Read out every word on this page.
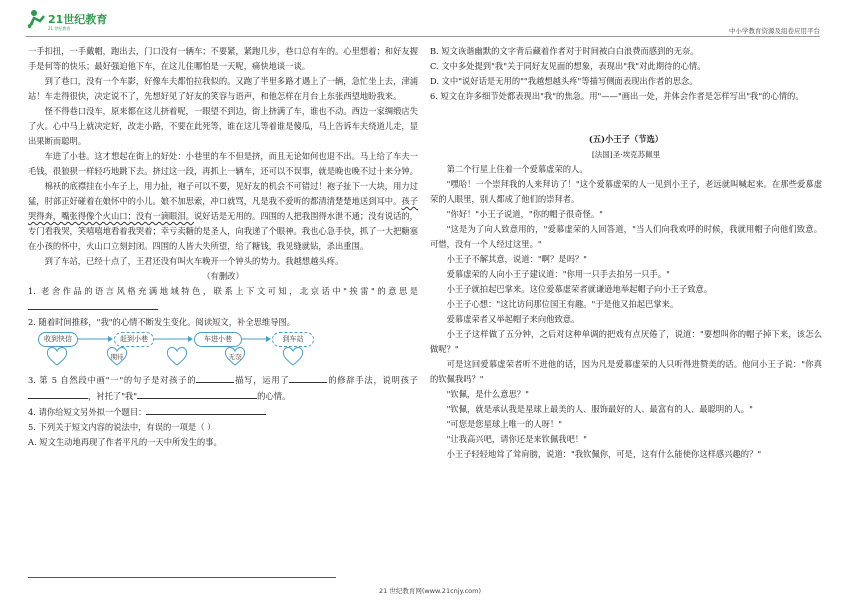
21世纪教育
21 世纪教育	中小学教育资源及组卷应用平台

一手扣扭，一手戴帽，跑出去，门口没有一辆车；不要紧，紧跑几步，巷口总有车的。心里想着；和好友握手是何等的快乐；最好强迫他下车，在这儿住哪怕是一天呢，痛快地谈一谈。

到了巷口，没有一个车影，好像车夫都怕拉我似的。又跑了半里多路才遇上了一辆，急忙坐上去，津浦站！车走得很快，决定说不了，先想好见了好友的笑容与语声，和他怎样在月台上东张西望地盼我来。

怪不得巷口没车，原来都在这儿挤着呢，一眼望不到边，街上挤满了车，谁也不动。西边一家绸缎店失了火。心中马上就决定好，改走小路，不要在此死等，谁在这儿等着谁是傻瓜，马上告诉车夫绕道儿走，显出果断而聪明。

车进了小巷。这才想起在街上的好处：小巷里的车不但是挤，而且无论如何也退不出。马上给了车夫一毛钱，很狼狈一样轻巧地跳下去。挤过这一段，再抓上一辆车，还可以不误事，就是晚也晚不过十来分钟。

棉袄的底襟挂在小车子上，用力扯，袍子可以不要，见好友的机会不可错过！袍子扯下一大块，用力过猛，肘部正好碰着在娘怀中的小儿。娘不加思索，冲口就骂，凡是我不爱听的都清清楚楚地送到耳中。孩子哭得奔，嘴张得像个火山口；没有一滴眼泪。说好话是无用的。四围的人把我围得水泄不通；没有说话的，专门看我哭，笑嘻嘻地看着我哭着；幸亏卖糖的是圣人，向我递了个眼神。我也心急手快，抓了一大把糖塞在小孩的怀中，火山口立刻封闭。四围的人皆大失所望，给了糖钱，我见缝就钻，杀出重围。

到了车站，已经十点了，王君还没有叫火车晚开一个钟头的势力。我越想越头疼。

（有删改）

1. 老舍作品的语言风格充满地域特色，联系上下文可知，北京话中"挨雷"的意思是

2. 随着时间推移，"我"的心情不断发生变化。阅读短文，补全思维导图。

收到快信	赶到小巷	车进小巷	到车站
期待	无奈

3. 第 5 自然段中画"一"的句子是对孩子的	描写，运用了	的修辞手法，说明孩子，衬托了"我"	的心情。

4. 请你给短文另外拟一个题目：

5. 下列关于短文内容的说法中，有误的一项是（ ）

A. 短文生动地再现了作者平凡的一天中所发生的事。

B. 短文诙谐幽默的文字背后藏着作者对于时间被白白浪费而感到的无奈。

C. 文中多处提到"我"关于同好友见面的想象，表现出"我"对此期待的心情。

D. 文中"说好话是无用的""我越想越头疼"等描写侧面表现出作者的思念。

6. 短文在许多细节处都表现出"我"的焦急。用"——"画出一处，并体会作者是怎样写出"我"的心情的。

(五)小王子（节选）

[法国]圣·埃克苏佩里

第二个行星上住着一个爱慕虚荣的人。

"嘿哈！一个崇拜我的人来拜访了！"这个爱慕虚荣的人一见到小王子，老远就叫喊起来。在那些爱慕虚荣的人眼里，别人都成了他们的崇拜者。

"你好！"小王子说道，"你的帽子很奇怪。"

"这是为了向人致意用的，"爱慕虚荣的人回答道，"当人们向我欢呼的时候，我就用帽子向他们致意。可惜，没有一个人经过这里。"

小王子不解其意，说道："啊？是吗？"

爱慕虚荣的人向小王子建议道："你用一只手去拍另一只手。"

小王子就拍起巴掌来。这位爱慕虚荣者就谦逊地举起帽子向小王子致意。

小王子心想："这比访问那位国王有趣。"于是他又拍起巴掌来。

爱慕虚荣者又举起帽子来向他致意。

小王子这样做了五分钟，之后对这种单调的把戏有点厌倦了，说道："要想叫你的帽子掉下来，该怎么做呢？"

可是这回爱慕虚荣者听不进他的话，因为凡是爱慕虚荣的人只听得进赞美的话。他问小王子说："你真的钦佩我吗？"

"钦佩，是什么意思？"

"钦佩，就是承认我是星球上最美的人、服饰最好的人、最富有的人、最聪明的人。"

"可您是您星球上唯一的人呀！"

"让我高兴吧，请你还是来钦佩我吧！"

小王子轻轻地耸了耸肩膀，说道："我钦佩你，可是，这有什么能使你这样感兴趣的？"

21 世纪教育网(www.21cnjy.com)
